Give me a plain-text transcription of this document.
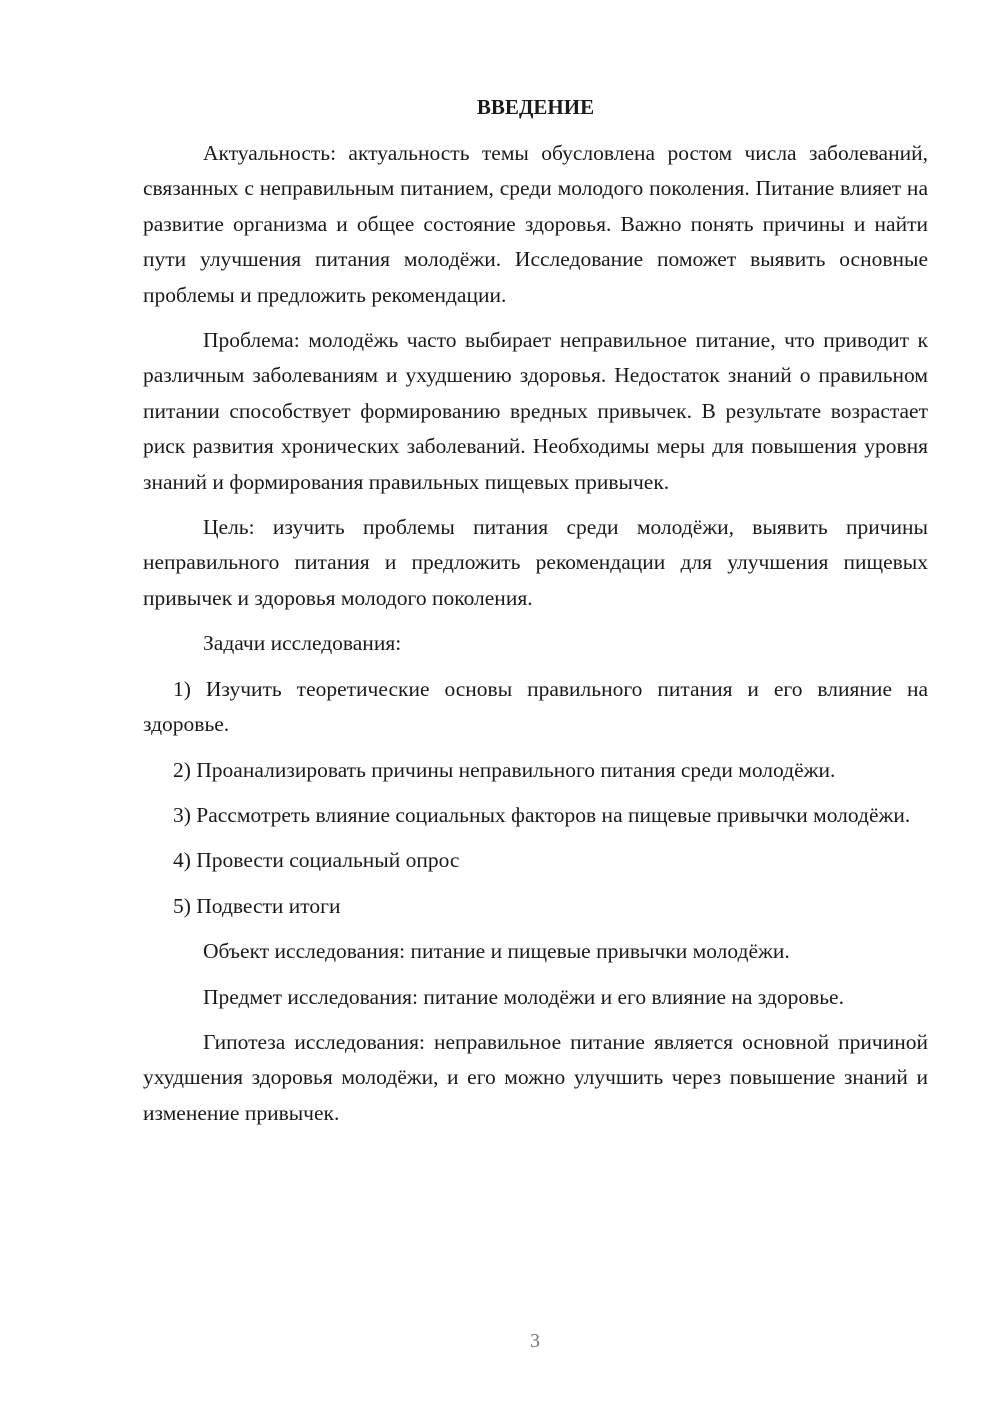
ВВЕДЕНИЕ
Актуальность: актуальность темы обусловлена ростом числа заболеваний, связанных с неправильным питанием, среди молодого поколения. Питание влияет на развитие организма и общее состояние здоровья. Важно понять причины и найти пути улучшения питания молодёжи. Исследование поможет выявить основные проблемы и предложить рекомендации.
Проблема: молодёжь часто выбирает неправильное питание, что приводит к различным заболеваниям и ухудшению здоровья. Недостаток знаний о правильном питании способствует формированию вредных привычек. В результате возрастает риск развития хронических заболеваний. Необходимы меры для повышения уровня знаний и формирования правильных пищевых привычек.
Цель: изучить проблемы питания среди молодёжи, выявить причины неправильного питания и предложить рекомендации для улучшения пищевых привычек и здоровья молодого поколения.
Задачи исследования:
1) Изучить теоретические основы правильного питания и его влияние на здоровье.
2) Проанализировать причины неправильного питания среди молодёжи.
3) Рассмотреть влияние социальных факторов на пищевые привычки молодёжи.
4) Провести социальный опрос
5) Подвести итоги
Объект исследования: питание и пищевые привычки молодёжи.
Предмет исследования: питание молодёжи и его влияние на здоровье.
Гипотеза исследования: неправильное питание является основной причиной ухудшения здоровья молодёжи, и его можно улучшить через повышение знаний и изменение привычек.
3
